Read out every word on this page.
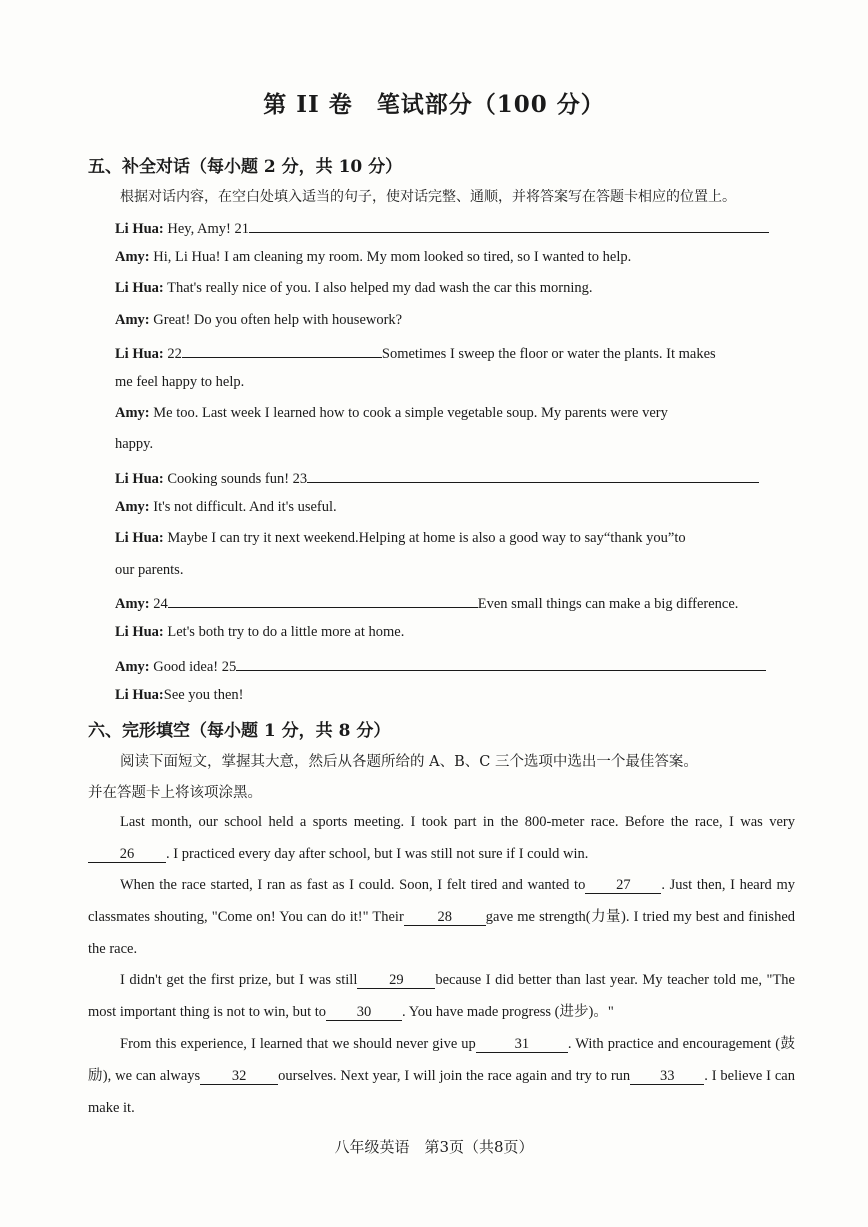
第 II 卷　笔试部分（100 分）
五、补全对话（每小题 2 分，共 10 分）
根据对话内容，在空白处填入适当的句子，使对话完整、通顺，并将答案写在答题卡相应的位置上。
Li Hua: Hey, Amy! 21
Amy: Hi, Li Hua! I am cleaning my room. My mom looked so tired, so I wanted to help.
Li Hua: That's really nice of you. I also helped my dad wash the car this morning.
Amy: Great! Do you often help with housework?
Li Hua: 22	Sometimes I sweep the floor or water the plants. It makes
me feel happy to help.
Amy: Me too. Last week I learned how to cook a simple vegetable soup. My parents were very
happy.
Li Hua: Cooking sounds fun! 23
Amy: It's not difficult. And it's useful.
Li Hua: Maybe I can try it next weekend.Helping at home is also a good way to say“thank you”to
our parents.
Amy: 24	Even small things can make a big difference.
Li Hua: Let's both try to do a little more at home.
Amy: Good idea! 25
Li Hua:See you then!
六、完形填空（每小题 1 分，共 8 分）
阅读下面短文，掌握其大意，然后从各题所给的 A、B、C 三个选项中选出一个最佳答案。
并在答题卡上将该项涂黑。
Last month, our school held a sports meeting. I took part in the 800-meter race. Before the race, I was very26 . I practiced every day after school, but I was still not sure if I could win.
When the race started, I ran as fast as I could. Soon, I felt tired and wanted to 27 . Just then, I heard my classmates shouting, "Come on! You can do it!" Their 28 gave me strength(力量). I tried my best and finished the race.
I didn't get the first prize, but I was still 29 because I did better than last year. My teacher told me, "The most important thing is not to win, but to 30 . You have made progress (进步)。"
From this experience, I learned that we should never give up	31	. With practice and encouragement (鼓励), we can always 32 ourselves. Next year, I will join the race again and try to run 33 . I believe I can make it.
八年级英语　第3页（共8页）
